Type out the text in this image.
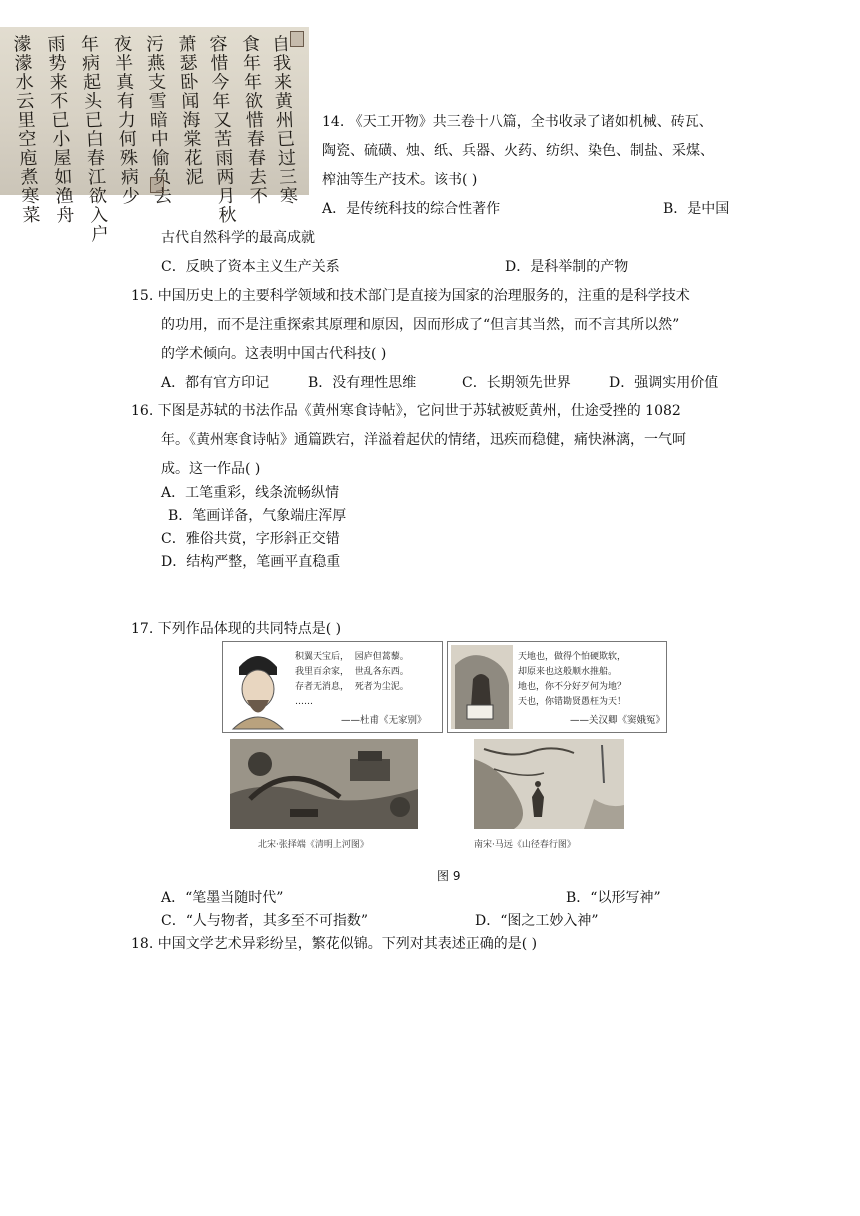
自我来黄州已过三寒
食年年欲惜春春去不
容惜今年又苦雨两月秋
萧瑟卧闻海棠花泥
污燕支雪暗中偷负去
夜半真有力何殊病少
年病起头已白春江欲入户
雨势来不已小屋如渔舟
濛濛水云里空庖煮寒菜
14. 《天工开物》共三卷十八篇，全书收录了诸如机械、砖瓦、
陶瓷、硫磺、烛、纸、兵器、火药、纺织、染色、制盐、采煤、
榨油等生产技术。该书( )
A．是传统科技的综合性著作	B．是中国
古代自然科学的最高成就
C．反映了资本主义生产关系	D．是科举制的产物
15. 中国历史上的主要科学领域和技术部门是直接为国家的治理服务的，注重的是科学技术
的功用，而不是注重探索其原理和原因，因而形成了“但言其当然，而不言其所以然”
的学术倾向。这表明中国古代科技( )
A．都有官方印记	B．没有理性思维	C．长期领先世界	D．强调实用价值
16. 下图是苏轼的书法作品《黄州寒食诗帖》，它问世于苏轼被贬黄州，仕途受挫的 1082
年。《黄州寒食诗帖》通篇跌宕，洋溢着起伏的情绪，迅疾而稳健，痛快淋漓，一气呵
成。这一作品( )
A．工笔重彩，线条流畅纵情
B．笔画详备，气象端庄浑厚
C．雅俗共赏，字形斜正交错
D．结构严整，笔画平直稳重
17. 下列作品体现的共同特点是( )
积翼天宝后，  园庐但蒿藜。
我里百余家，  世乱各东西。
存者无消息，  死者为尘泥。
……
——杜甫《无家别》
天地也，做得个怕硬欺软，
却原来也这般顺水推船。
地也，你不分好歹何为地？
天也，你错勘贤愚枉为天！
——关汉卿《窦娥冤》
北宋·张择端《清明上河图》	南宋·马远《山径春行图》
图 9
A．“笔墨当随时代”	B．“以形写神”
C．“人与物者，其多至不可指数”	D．“图之工妙入神”
18. 中国文学艺术异彩纷呈，繁花似锦。下列对其表述正确的是( )
